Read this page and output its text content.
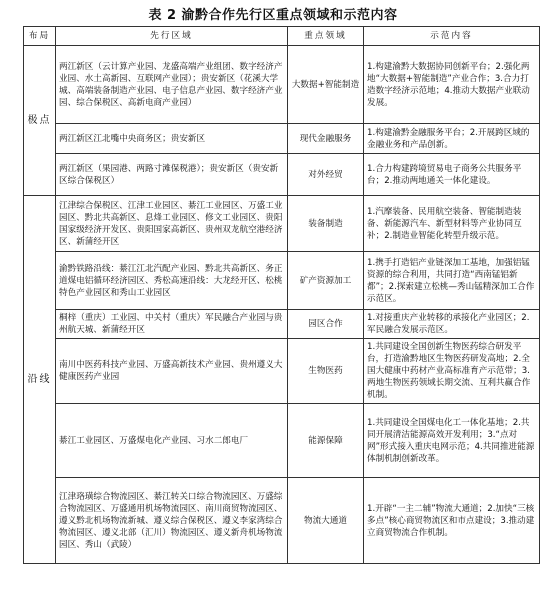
表 2 渝黔合作先行区重点领域和示范内容
布局	先行区域	重点领域	示范内容
极点	两江新区（云计算产业园、龙盛高端产业组团、数字经济产业园、水土高新园、互联网产业园）；贵安新区（花溪大学城、高端装备制造产业园、电子信息产业园、数字经济产业园、综合保税区、高新电商产业园）	大数据+智能制造	1.构建渝黔大数据协同创新平台；2.强化两地“大数据+智能制造”产业合作；3.合力打造数字经济示范地；4.推动大数据产业联动发展。
	两江新区江北嘴中央商务区；贵安新区	现代金融服务	1.构建渝黔金融服务平台；2.开展跨区域的金融业务和产品创新。
	两江新区（果园港、两路寸滩保税港）；贵安新区（贵安新区综合保税区）	对外经贸	1.合力构建跨境贸易电子商务公共服务平台；2.推动两地通关一体化建设。
沿线	江津综合保税区、江津工业园区、綦江工业园区、万盛工业园区、黔北共高新区、息烽工业园区、修文工业园区、贵阳国家级经济开发区、贵阳国家高新区、贵州双龙航空港经济区、新蒲经开区	装备制造	1.汽摩装备、民用航空装备、智能制造装备、新能源汽车、新型材料等产业协同互补；2.制造业智能化转型升级示范。
	渝黔铁路沿线：綦江江北汽配产业园、黔北共高新区、务正道煤电铝循环经济园区、秀松高速沿线：大龙经开区、松桃特色产业园区和秀山工业园区	矿产资源加工	1.携手打造铝产业链深加工基地，加强铝锰资源的综合利用，共同打造“西南锰铝新都”；2.探索建立松桃—秀山锰精深加工合作示范区。
	桐梓（重庆）工业园、中关村（重庆）军民融合产业园与贵州航天城、新蒲经开区	园区合作	1.对接重庆产业转移的承接化产业园区；2.军民融合发展示范区。
	南川中医药科技产业园、万盛高新技术产业园、贵州遵义大健康医药产业园	生物医药	1.共同建设全国创新生物医药综合研发平台，打造渝黔地区生物医药研发高地；2.全国大健康中药材产业高标准育产示范带；3.两地生物医药领域长期交流、互利共赢合作机制。
	綦江工业园区、万盛煤电化产业园、习水二郎电厂	能源保障	1.共同建设全国煤电化工一体化基地；2.共同开展清洁能源高效开发利用；3.“点对网”形式接入重庆电网示范；4.共同推进能源体制机制创新改革。
	江津珞璜综合物流园区、綦江转关口综合物流园区、万盛综合物流园区、万盛通用机场物流园区、南川商贸物流园区、遵义黔北机场物流新城、遵义综合保税区、遵义李家湾综合物流园区、遵义北部（汇川）物流园区、遵义新舟机场物流园区、秀山（武陵）	物流大通道	1.开辟“一主二辅”物流大通道；2.加快“三核多点”核心商贸物流区和市点建设；3.推动建立商贸物流合作机制。
